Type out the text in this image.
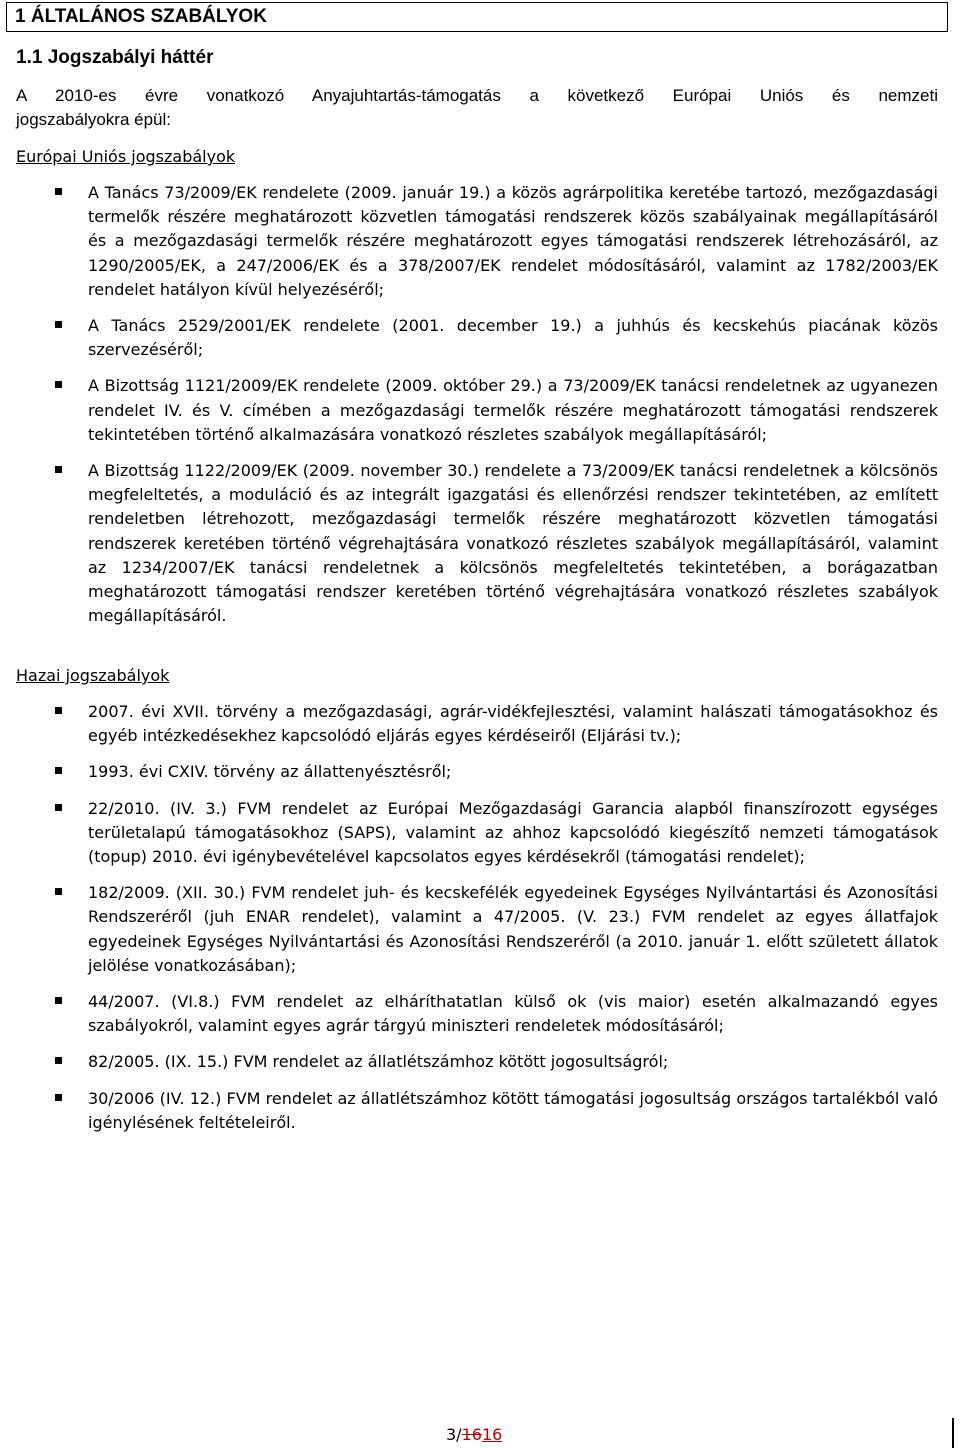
1 ÁLTALÁNOS SZABÁLYOK
1.1 Jogszabályi háttér
A 2010-es évre vonatkozó Anyajuhtartás-támogatás a következő Európai Uniós és nemzeti
jogszabályokra épül:
Európai Uniós jogszabályok
A Tanács 73/2009/EK rendelete (2009. január 19.) a közös agrárpolitika keretébe tartozó, mezőgazdasági termelők részére meghatározott közvetlen támogatási rendszerek közös szabályainak megállapításáról és a mezőgazdasági termelők részére meghatározott egyes támogatási rendszerek létrehozásáról, az 1290/2005/EK, a 247/2006/EK és a 378/2007/EK rendelet módosításáról, valamint az 1782/2003/EK rendelet hatályon kívül helyezéséről;
A Tanács 2529/2001/EK rendelete (2001. december 19.) a juhhús és kecskehús piacának közös szervezéséről;
A Bizottság 1121/2009/EK rendelete (2009. október 29.) a 73/2009/EK tanácsi rendeletnek az ugyanezen rendelet IV. és V. címében a mezőgazdasági termelők részére meghatározott támogatási rendszerek tekintetében történő alkalmazására vonatkozó részletes szabályok megállapításáról;
A Bizottság 1122/2009/EK (2009. november 30.) rendelete a 73/2009/EK tanácsi rendeletnek a kölcsönös megfeleltetés, a moduláció és az integrált igazgatási és ellenőrzési rendszer tekintetében, az említett rendeletben létrehozott, mezőgazdasági termelők részére meghatározott közvetlen támogatási rendszerek keretében történő végrehajtására vonatkozó részletes szabályok megállapításáról, valamint az 1234/2007/EK tanácsi rendeletnek a kölcsönös megfeleltetés tekintetében, a borágazatban meghatározott támogatási rendszer keretében történő végrehajtására vonatkozó részletes szabályok megállapításáról.
Hazai jogszabályok
2007. évi XVII. törvény a mezőgazdasági, agrár-vidékfejlesztési, valamint halászati támogatásokhoz és egyéb intézkedésekhez kapcsolódó eljárás egyes kérdéseiről (Eljárási tv.);
1993. évi CXIV. törvény az állattenyésztésről;
22/2010. (IV. 3.) FVM rendelet az Európai Mezőgazdasági Garancia alapból finanszírozott egységes területalapú támogatásokhoz (SAPS), valamint az ahhoz kapcsolódó kiegészítő nemzeti támogatások (topup) 2010. évi igénybevételével kapcsolatos egyes kérdésekről (támogatási rendelet);
182/2009. (XII. 30.) FVM rendelet juh- és kecskefélék egyedeinek Egységes Nyilvántartási és Azonosítási Rendszeréről (juh ENAR rendelet), valamint a 47/2005. (V. 23.) FVM rendelet az egyes állatfajok egyedeinek Egységes Nyilvántartási és Azonosítási Rendszeréről (a 2010. január 1. előtt született állatok jelölése vonatkozásában);
44/2007. (VI.8.) FVM rendelet az elháríthatatlan külső ok (vis maior) esetén alkalmazandó egyes szabályokról, valamint egyes agrár tárgyú miniszteri rendeletek módosításáról;
82/2005. (IX. 15.) FVM rendelet az állatlétszámhoz kötött jogosultságról;
30/2006 (IV. 12.) FVM rendelet az állatlétszámhoz kötött támogatási jogosultság országos tartalékból való igénylésének feltételeiről.
3/1616
